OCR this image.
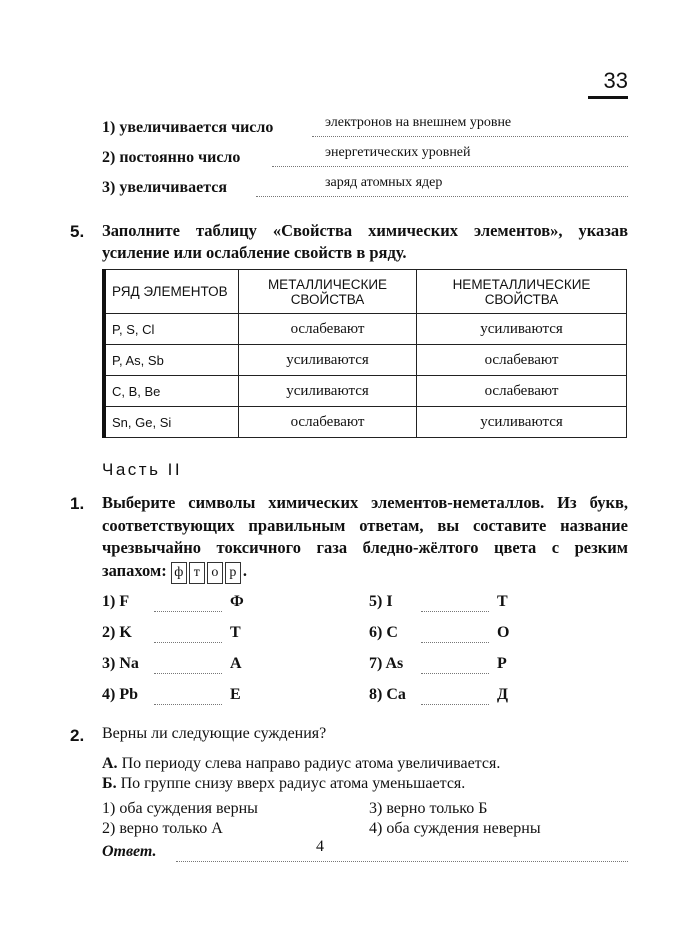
33
1) увеличивается число	электронов на внешнем уровне
2) постоянно число	энергетических уровней
3) увеличивается	заряд атомных ядер
5. Заполните таблицу «Свойства химических элементов», указав усиление или ослабление свойств в ряду.
РЯД ЭЛЕМЕНТОВ	МЕТАЛЛИЧЕСКИЕ СВОЙСТВА	НЕМЕТАЛЛИЧЕСКИЕ СВОЙСТВА
P, S, Cl	ослабевают	усиливаются
P, As, Sb	усиливаются	ослабевают
C, B, Be	усиливаются	ослабевают
Sn, Ge, Si	ослабевают	усиливаются
Часть II
1. Выберите символы химических элементов-неметаллов. Из букв, соответствующих правильным ответам, вы составите название чрезвычайно токсичного газа бледно-жёлтого цвета с резким запахом: ф т о р .
1) F	Ф
2) K	Т
3) Na	А
4) Pb	Е
5) I	Т
6) C	О
7) As	Р
8) Ca	Д
2. Верны ли следующие суждения?
А. По периоду слева направо радиус атома увеличивается.
Б. По группе снизу вверх радиус атома уменьшается.
1) оба суждения верны
2) верно только А
3) верно только Б
4) оба суждения неверны
Ответ.	4
